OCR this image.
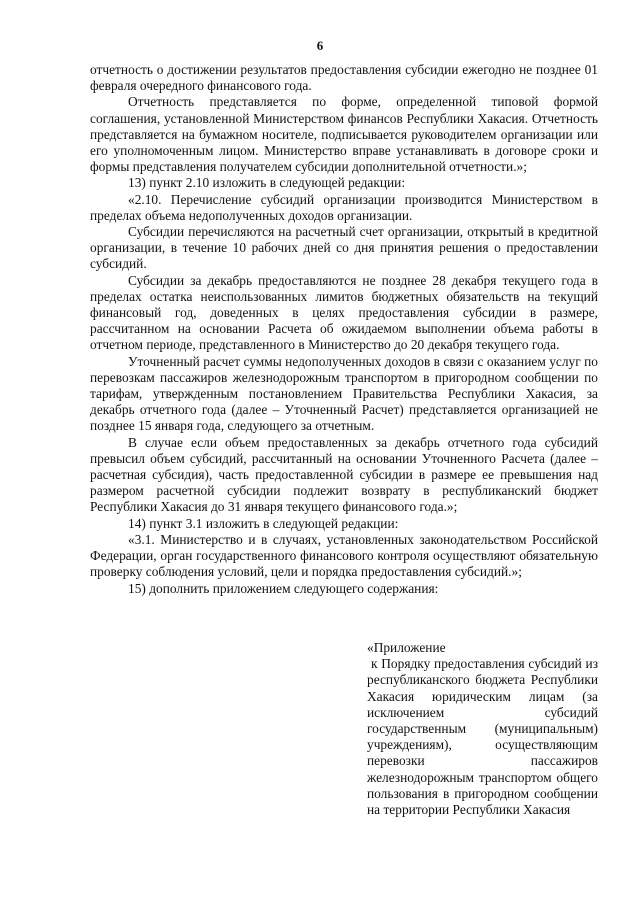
6

отчетность о достижении результатов предоставления субсидии ежегодно не позднее 01 февраля очередного финансового года.

Отчетность представляется по форме, определенной типовой формой соглашения, установленной Министерством финансов Республики Хакасия. Отчетность представляется на бумажном носителе, подписывается руководителем организации или его уполномоченным лицом. Министерство вправе устанавливать в договоре сроки и формы представления получателем субсидии дополнительной отчетности.»;

13) пункт 2.10 изложить в следующей редакции:

«2.10. Перечисление субсидий организации производится Министерством в пределах объема недополученных доходов организации.

Субсидии перечисляются на расчетный счет организации, открытый в кредитной организации, в течение 10 рабочих дней со дня принятия решения о предоставлении субсидий.

Субсидии за декабрь предоставляются не позднее 28 декабря текущего года в пределах остатка неиспользованных лимитов бюджетных обязательств на текущий финансовый год, доведенных в целях предоставления субсидии в размере, рассчитанном на основании Расчета об ожидаемом выполнении объема работы в отчетном периоде, представленного в Министерство до 20 декабря текущего года.

Уточненный расчет суммы недополученных доходов в связи с оказанием услуг по перевозкам пассажиров железнодорожным транспортом в пригородном сообщении по тарифам, утвержденным постановлением Правительства Республики Хакасия, за декабрь отчетного года (далее – Уточненный Расчет) представляется организацией не позднее 15 января года, следующего за отчетным.

В случае если объем предоставленных за декабрь отчетного года субсидий превысил объем субсидий, рассчитанный на основании Уточненного Расчета (далее – расчетная субсидия), часть предоставленной субсидии в размере ее превышения над размером расчетной субсидии подлежит возврату в республиканский бюджет Республики Хакасия до 31 января текущего финансового года.»;

14) пункт 3.1 изложить в следующей редакции:

«3.1. Министерство и в случаях, установленных законодательством Российской Федерации, орган государственного финансового контроля осуществляют обязательную проверку соблюдения условий, цели и порядка предоставления субсидий.»;

15) дополнить приложением следующего содержания:

«Приложение
к Порядку предоставления субсидий из республиканского бюджета Республики Хакасия юридическим лицам (за исключением субсидий государственным (муниципальным) учреждениям), осуществляющим перевозки пассажиров железнодорожным транспортом общего пользования в пригородном сообщении на территории Республики Хакасия
